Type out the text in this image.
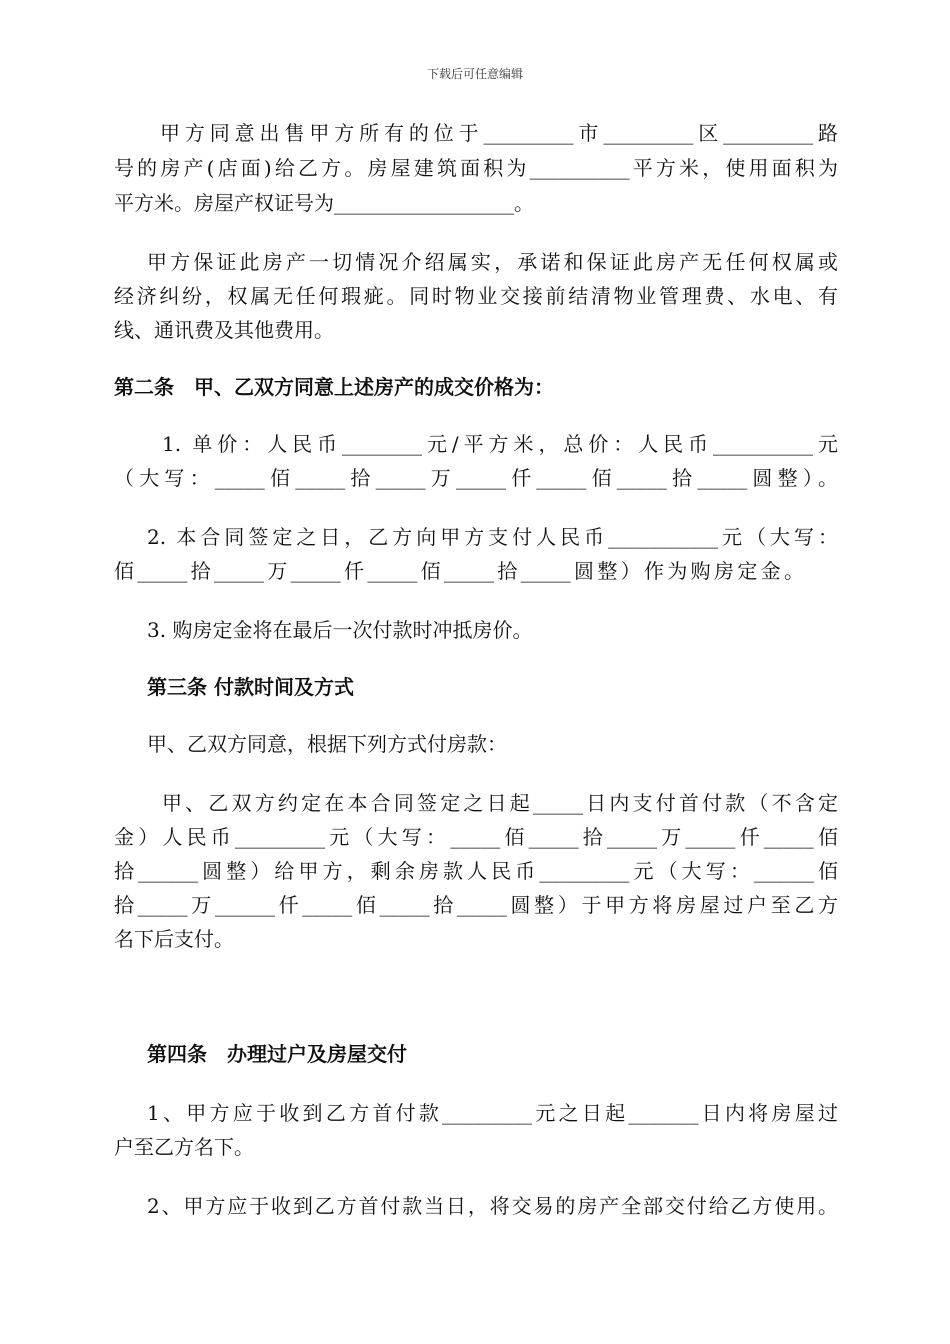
下载后可任意编辑
甲方同意出售甲方所有的位于_________市_________区_________路
号的房产(店面)给乙方。房屋建筑面积为__________平方米，使用面积为
平方米。房屋产权证号为__________________。
甲方保证此房产一切情况介绍属实，承诺和保证此房产无任何权属或
经济纠纷，权属无任何瑕疵。同时物业交接前结清物业管理费、水电、有
线、通讯费及其他费用。
第二条　甲、乙双方同意上述房产的成交价格为：
1. 单价：人民币________元/平方米，总价：人民币__________元
（大写：_____佰_____拾_____万_____仟_____佰_____拾_____圆整）。
2. 本合同签定之日，乙方向甲方支付人民币___________元（大写：
佰_____拾_____万_____仟_____佰_____拾_____圆整）作为购房定金。
3. 购房定金将在最后一次付款时冲抵房价。
第三条 付款时间及方式
甲、乙双方同意，根据下列方式付房款：
甲、乙双方约定在本合同签定之日起_____日内支付首付款（不含定
金）人民币_________元（大写：_____佰_____拾_____万_____仟_____佰
拾______圆整）给甲方，剩余房款人民币_________元（大写：______佰
拾_____万______仟_____佰_____拾_____圆整）于甲方将房屋过户至乙方
名下后支付。
第四条　办理过户及房屋交付
1、甲方应于收到乙方首付款_________元之日起_______日内将房屋过
户至乙方名下。
2、甲方应于收到乙方首付款当日，将交易的房产全部交付给乙方使用。
